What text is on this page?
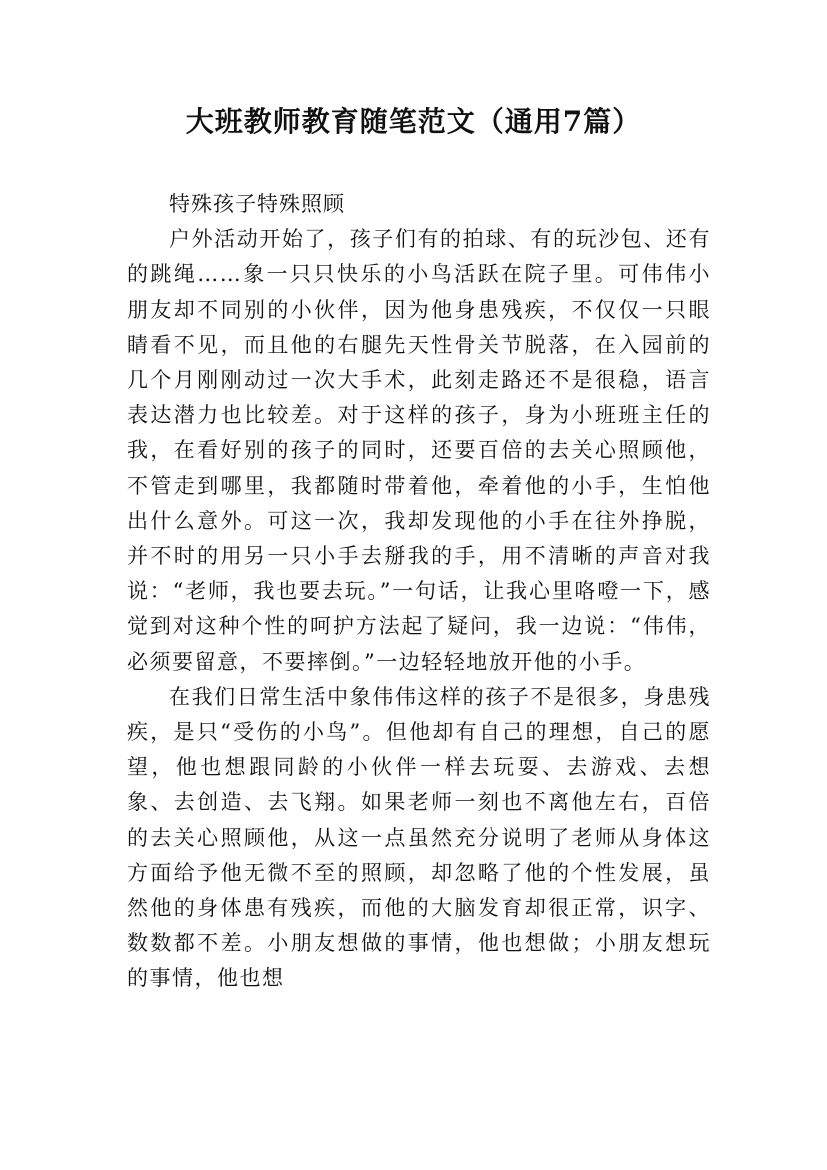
大班教师教育随笔范文（通用7篇）

特殊孩子特殊照顾

户外活动开始了，孩子们有的拍球、有的玩沙包、还有的跳绳……象一只只快乐的小鸟活跃在院子里。可伟伟小朋友却不同别的小伙伴，因为他身患残疾，不仅仅一只眼睛看不见，而且他的右腿先天性骨关节脱落，在入园前的几个月刚刚动过一次大手术，此刻走路还不是很稳，语言表达潜力也比较差。对于这样的孩子，身为小班班主任的我，在看好别的孩子的同时，还要百倍的去关心照顾他，不管走到哪里，我都随时带着他，牵着他的小手，生怕他出什么意外。可这一次，我却发现他的小手在往外挣脱，并不时的用另一只小手去掰我的手，用不清晰的声音对我说：“老师，我也要去玩。”一句话，让我心里咯噔一下，感觉到对这种个性的呵护方法起了疑问，我一边说：“伟伟，必须要留意，不要摔倒。”一边轻轻地放开他的小手。

在我们日常生活中象伟伟这样的孩子不是很多，身患残疾，是只“受伤的小鸟”。但他却有自己的理想，自己的愿望，他也想跟同龄的小伙伴一样去玩耍、去游戏、去想象、去创造、去飞翔。如果老师一刻也不离他左右，百倍的去关心照顾他，从这一点虽然充分说明了老师从身体这方面给予他无微不至的照顾，却忽略了他的个性发展，虽然他的身体患有残疾，而他的大脑发育却很正常，识字、数数都不差。小朋友想做的事情，他也想做；小朋友想玩的事情，他也想
